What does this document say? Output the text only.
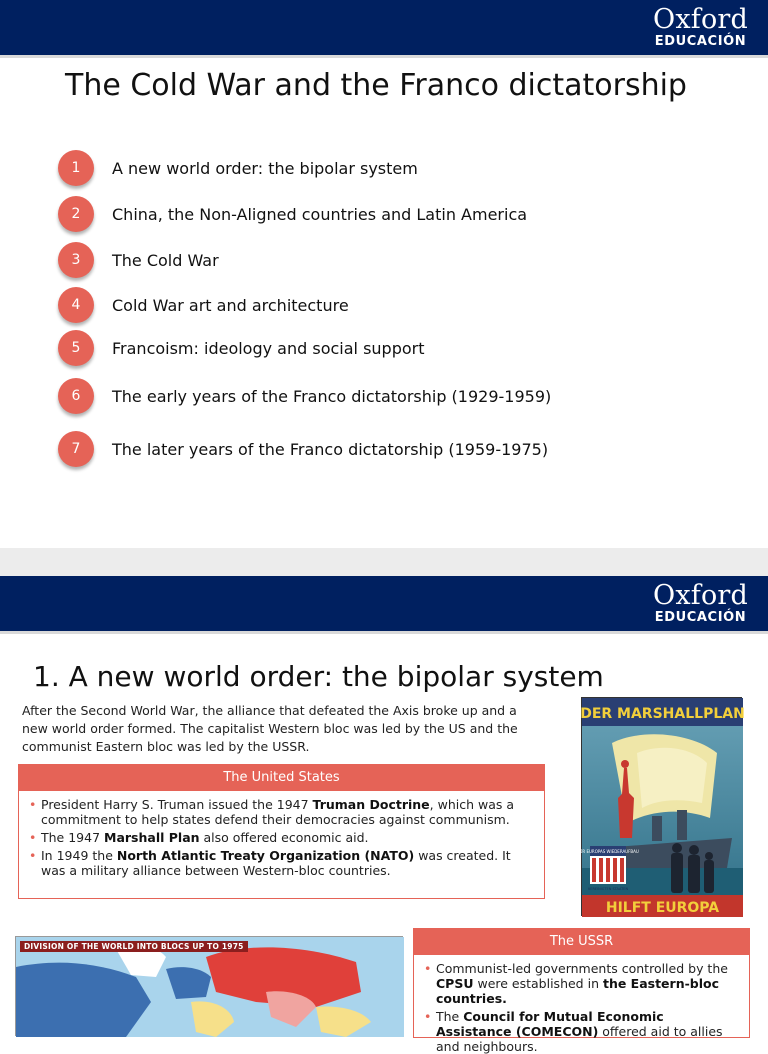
Oxford
EDUCACIÓN
The Cold War and the Franco dictatorship
1	A new world order: the bipolar system
2	China, the Non-Aligned countries and Latin America
3	The Cold War
4	Cold War art and architecture
5	Francoism: ideology and social support
6	The early years of the Franco dictatorship (1929-1959)
7	The later years of the Franco dictatorship (1959-1975)
Oxford
EDUCACIÓN
1. A new world order: the bipolar system

After the Second World War, the alliance that defeated the Axis broke up and a new world order formed. The capitalist Western bloc was led by the US and the communist Eastern bloc was led by the USSR.

The United States
• President Harry S. Truman issued the 1947 Truman Doctrine, which was a commitment to help states defend their democracies against communism.
• The 1947 Marshall Plan also offered economic aid.
• In 1949 the North Atlantic Treaty Organization (NATO) was created. It was a military alliance between Western-bloc countries.
DER MARSHALLPLAN
FÜR EUROPAS WIEDERAUFBAU
VEREINIGTEN STAATEN
HILFT EUROPA
DIVISION OF THE WORLD INTO BLOCS UP TO 1975	The USSR
• Communist-led governments controlled by the CPSU were established in the Eastern-bloc countries.
• The Council for Mutual Economic Assistance (COMECON) offered aid to allies and neighbours.
